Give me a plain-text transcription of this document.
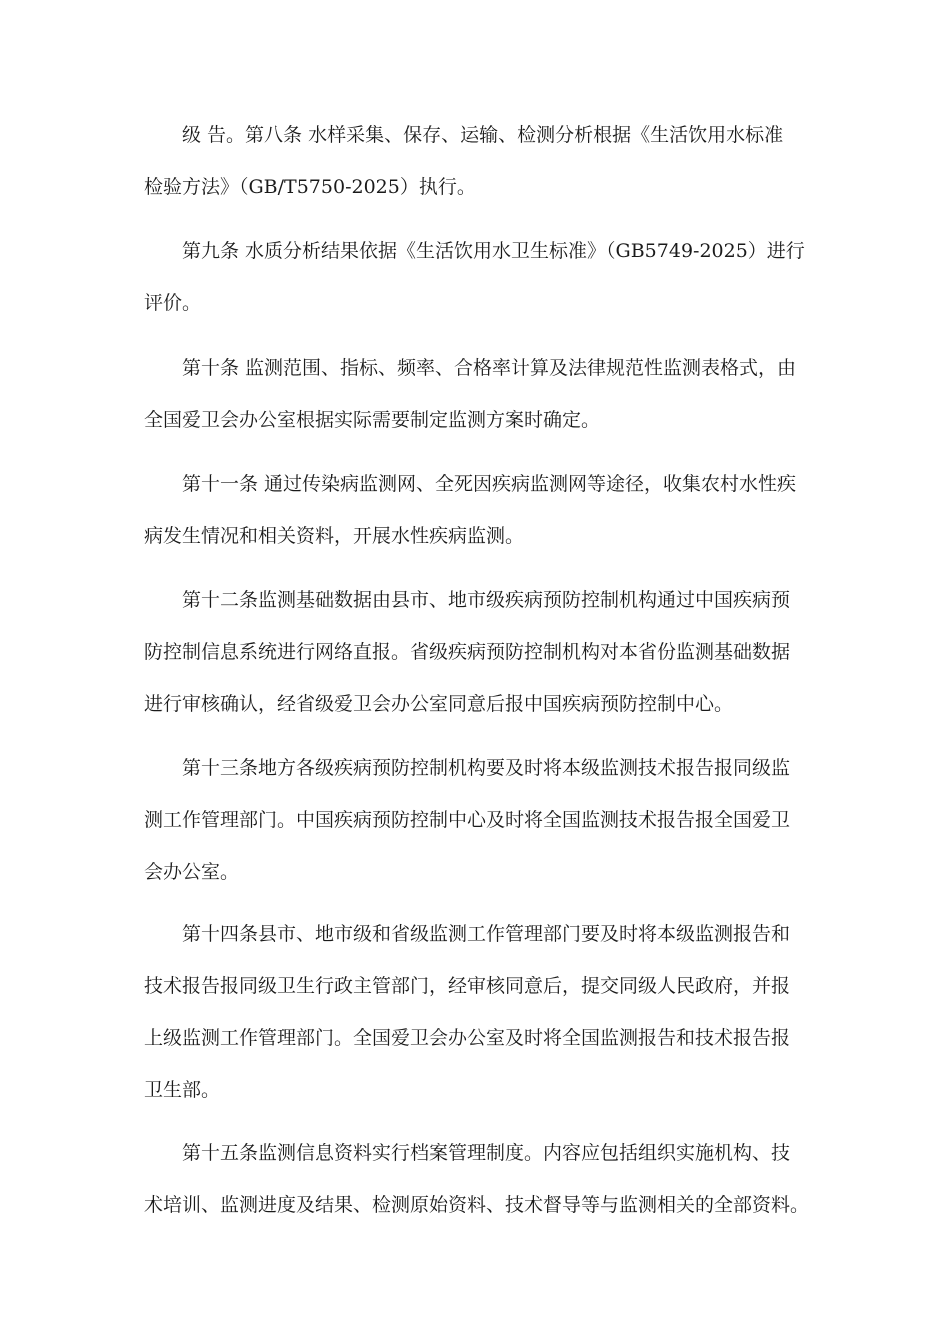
级 告。第八条 水样采集、保存、运输、检测分析根据《生活饮用水标准
检验方法》（GB/T5750-2025）执行。
第九条 水质分析结果依据《生活饮用水卫生标准》（GB5749-2025）进行
评价。
第十条 监测范围、指标、频率、合格率计算及法律规范性监测表格式，由
全国爱卫会办公室根据实际需要制定监测方案时确定。
第十一条 通过传染病监测网、全死因疾病监测网等途径，收集农村水性疾
病发生情况和相关资料，开展水性疾病监测。
第十二条监测基础数据由县市、地市级疾病预防控制机构通过中国疾病预
防控制信息系统进行网络直报。省级疾病预防控制机构对本省份监测基础数据
进行审核确认，经省级爱卫会办公室同意后报中国疾病预防控制中心。
第十三条地方各级疾病预防控制机构要及时将本级监测技术报告报同级监
测工作管理部门。中国疾病预防控制中心及时将全国监测技术报告报全国爱卫
会办公室。
第十四条县市、地市级和省级监测工作管理部门要及时将本级监测报告和
技术报告报同级卫生行政主管部门，经审核同意后，提交同级人民政府，并报
上级监测工作管理部门。全国爱卫会办公室及时将全国监测报告和技术报告报
卫生部。
第十五条监测信息资料实行档案管理制度。内容应包括组织实施机构、技
术培训、监测进度及结果、检测原始资料、技术督导等与监测相关的全部资料。
